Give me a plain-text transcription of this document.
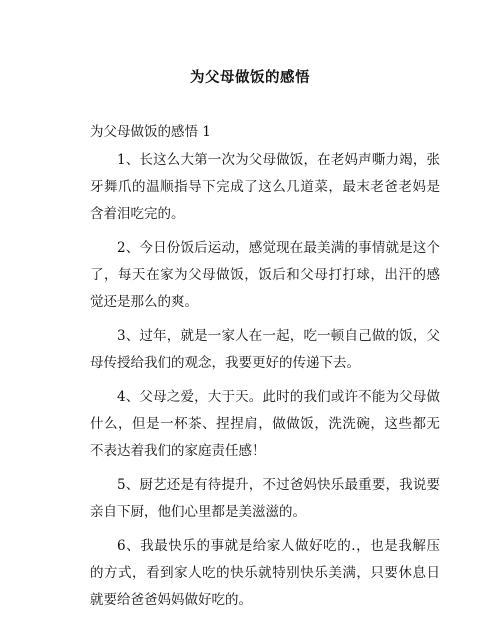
为父母做饭的感悟

为父母做饭的感悟 1

1、长这么大第一次为父母做饭，在老妈声嘶力竭，张牙舞爪的温顺指导下完成了这么几道菜，最末老爸老妈是含着泪吃完的。

2、今日份饭后运动，感觉现在最美满的事情就是这个了，每天在家为父母做饭，饭后和父母打打球，出汗的感觉还是那么的爽。

3、过年，就是一家人在一起，吃一顿自己做的饭，父母传授给我们的观念，我要更好的传递下去。

4、父母之爱，大于天。此时的我们或许不能为父母做什么，但是一杯茶、捏捏肩，做做饭，洗洗碗，这些都无不表达着我们的家庭责任感！

5、厨艺还是有待提升，不过爸妈快乐最重要，我说要亲自下厨，他们心里都是美滋滋的。

6、我最快乐的事就是给家人做好吃的.，也是我解压的方式，看到家人吃的快乐就特别快乐美满，只要休息日就要给爸爸妈妈做好吃的。
